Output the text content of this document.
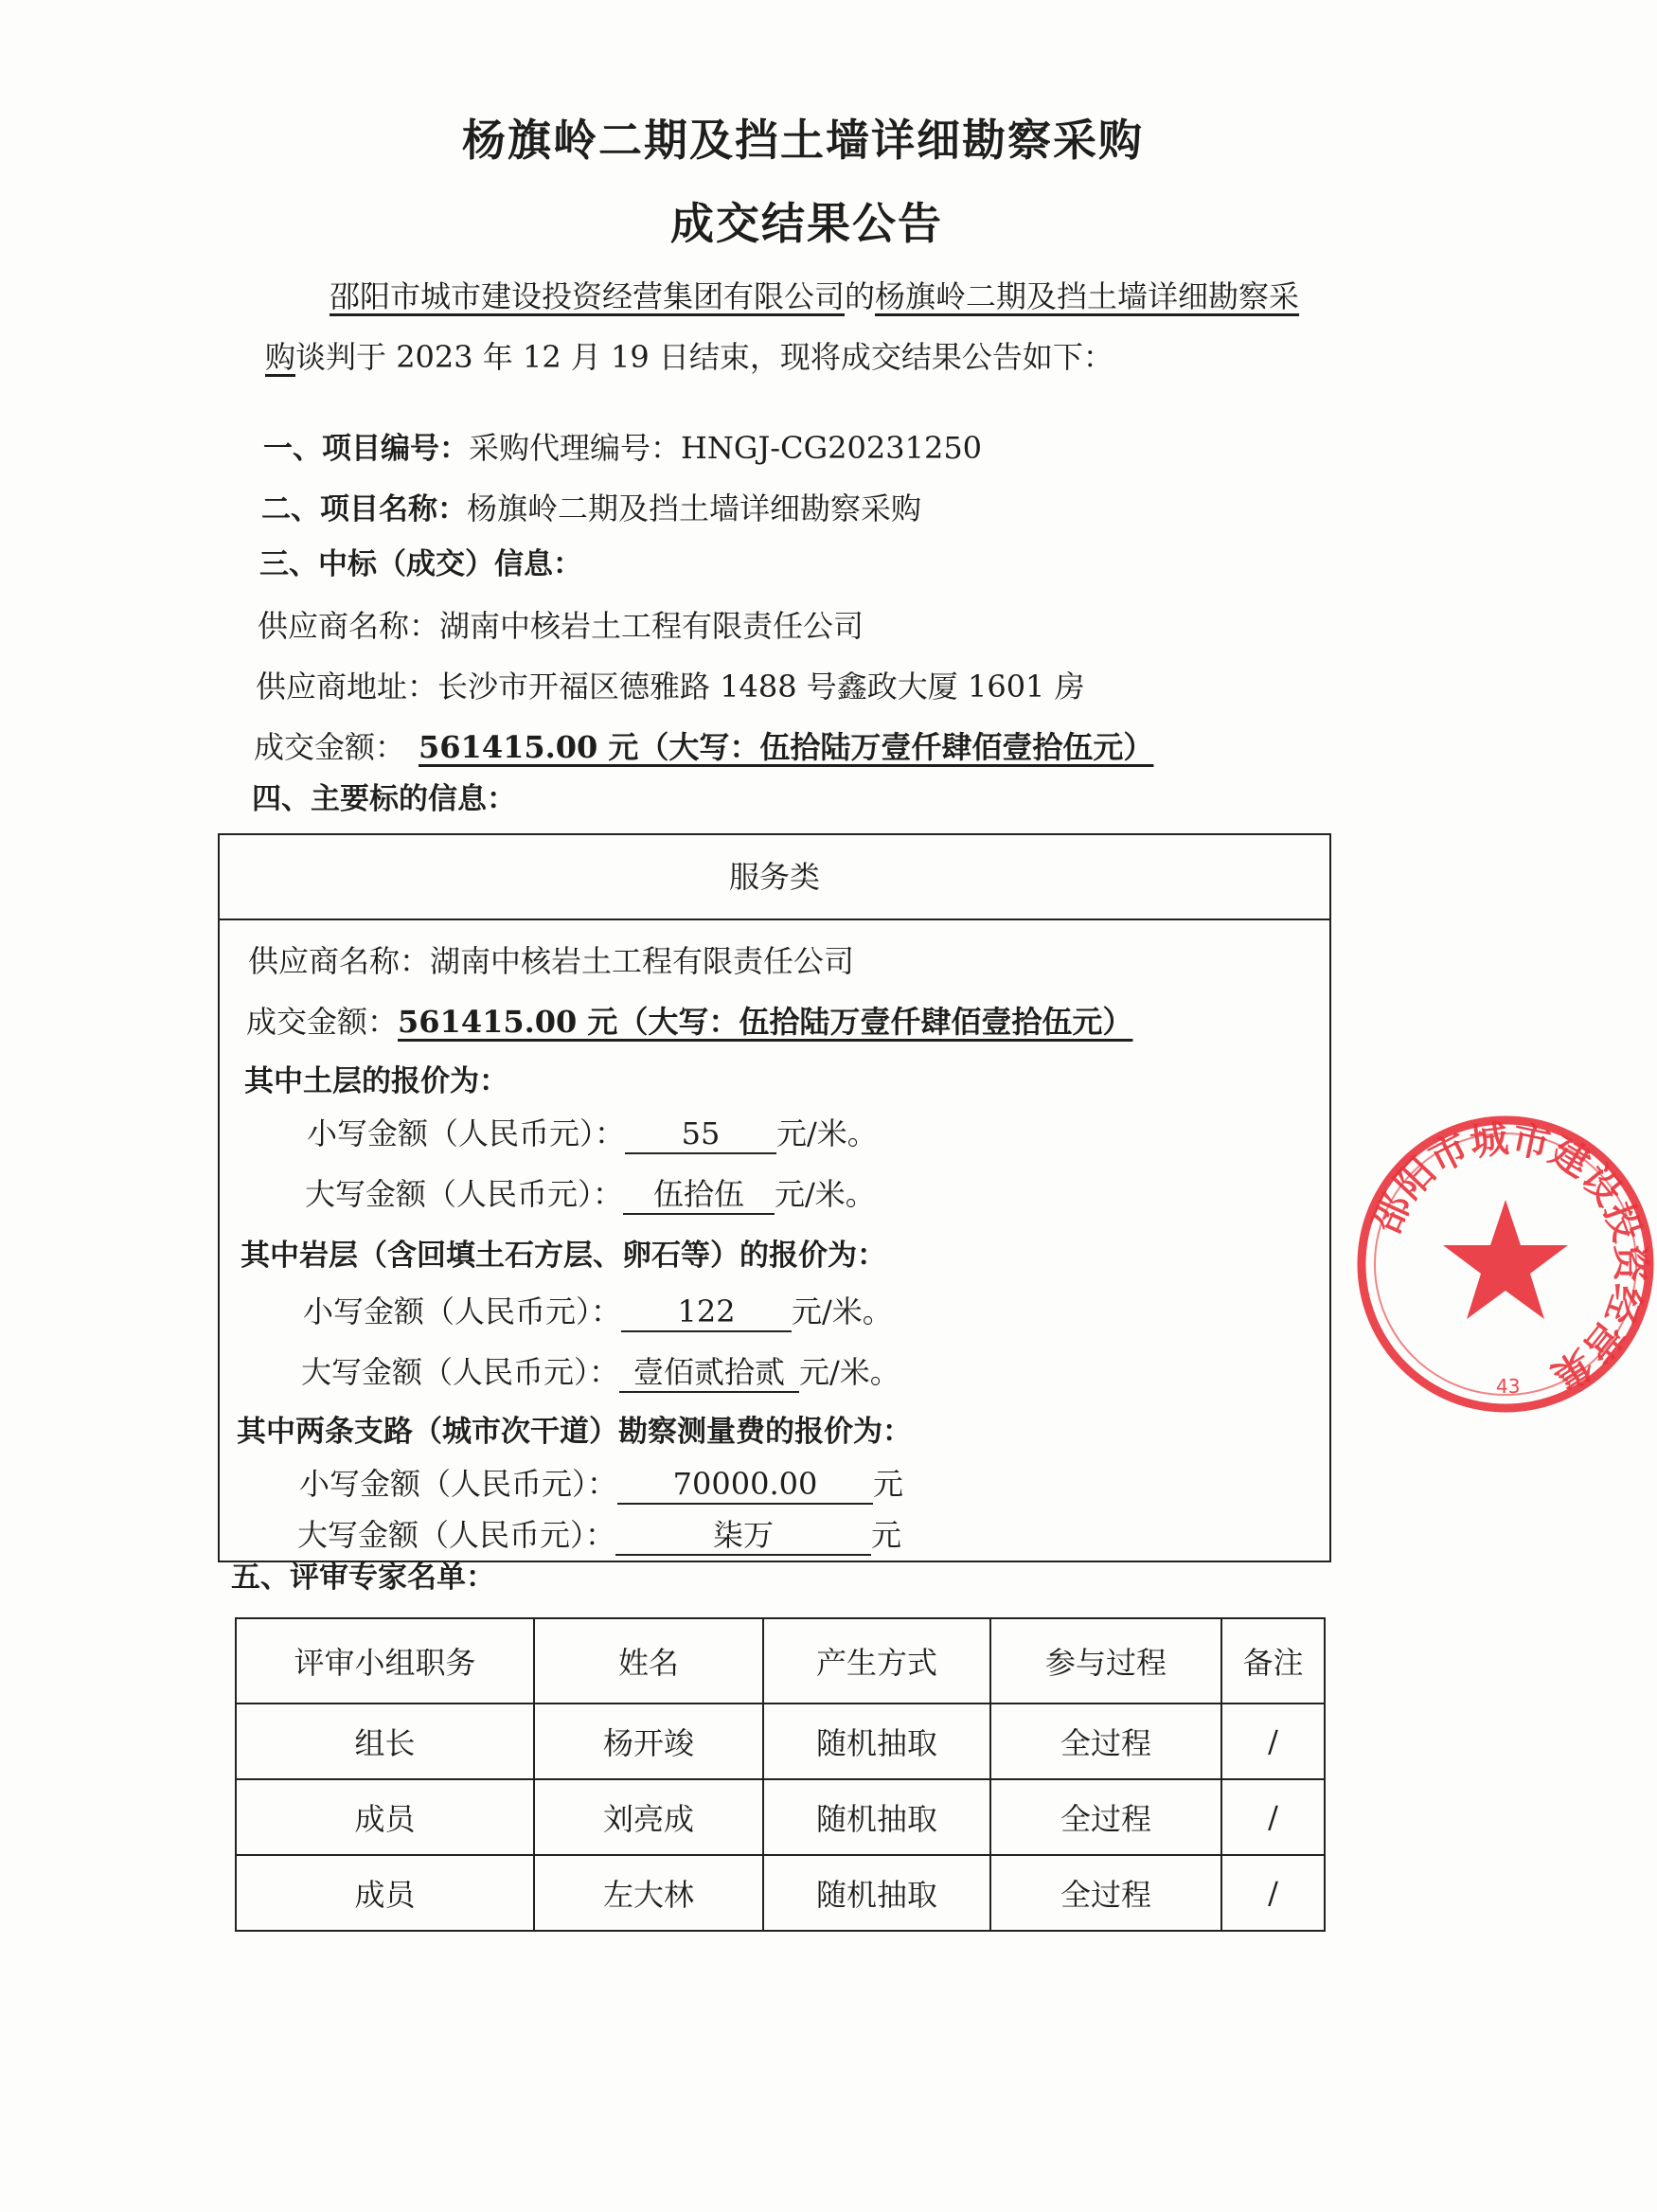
杨旗岭二期及挡土墙详细勘察采购
成交结果公告
邵阳市城市建设投资经营集团有限公司的杨旗岭二期及挡土墙详细勘察采
购谈判于 2023 年 12 月 19 日结束，现将成交结果公告如下：
一、项目编号：采购代理编号：HNGJ-CG20231250
二、项目名称：杨旗岭二期及挡土墙详细勘察采购
三、中标（成交）信息：
供应商名称：湖南中核岩土工程有限责任公司
供应商地址：长沙市开福区德雅路 1488 号鑫政大厦 1601 房
成交金额： 561415.00 元（大写：伍拾陆万壹仟肆佰壹拾伍元）
四、主要标的信息：
服务类
供应商名称：湖南中核岩土工程有限责任公司
成交金额：561415.00 元（大写：伍拾陆万壹仟肆佰壹拾伍元）
其中土层的报价为：
小写金额（人民币元）： 55 元/米。
大写金额（人民币元）： 伍拾伍 元/米。
其中岩层（含回填土石方层、卵石等）的报价为：
小写金额（人民币元）： 122 元/米。
大写金额（人民币元）： 壹佰贰拾贰 元/米。
其中两条支路（城市次干道）勘察测量费的报价为：
小写金额（人民币元）： 70000.00 元
大写金额（人民币元）：	柒万	元
五、评审专家名单：
评审小组职务	姓名	产生方式	参与过程	备注
组长	杨开竣	随机抽取	全过程	/
成员	刘亮成	随机抽取	全过程	/
成员	左大林	随机抽取	全过程	/
邵阳市城市建设投资经营集
43
